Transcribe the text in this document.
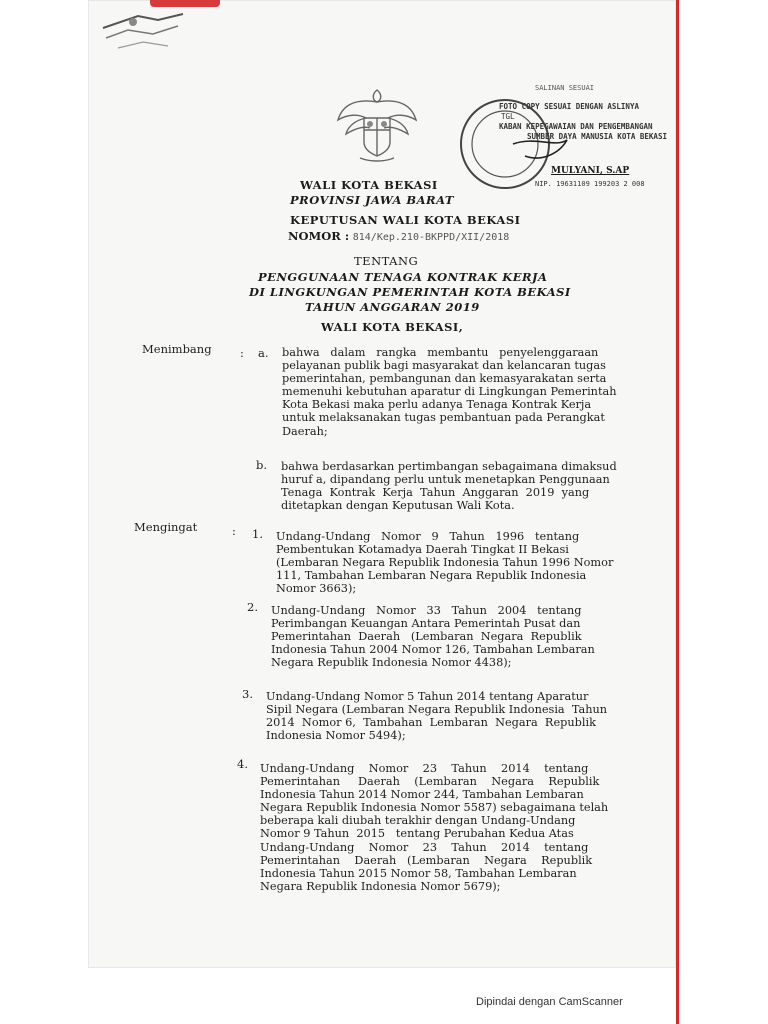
SALINAN SESUAI
FOTO COPY SESUAI DENGAN ASLINYA
TGL
KABAN KEPEGAWAIAN DAN PENGEMBANGAN
SUMBER DAYA MANUSIA KOTA BEKASI
MULYANI, S.AP
NIP. 19631109 199203 2 008
WALI KOTA BEKASI
PROVINSI JAWA BARAT
KEPUTUSAN WALI KOTA BEKASI
NOMOR : 814/Kep.210-BKPPD/XII/2018
TENTANG
PENGGUNAAN TENAGA KONTRAK KERJA
DI LINGKUNGAN PEMERINTAH KOTA BEKASI
TAHUN ANGGARAN 2019
WALI KOTA BEKASI,
Menimbang : a. bahwa   dalam   rangka   membantu   penyelenggaraan
pelayanan publik bagi masyarakat dan kelancaran tugas
pemerintahan, pembangunan dan kemasyarakatan serta
memenuhi kebutuhan aparatur di Lingkungan Pemerintah
Kota Bekasi maka perlu adanya Tenaga Kontrak Kerja
untuk melaksanakan tugas pembantuan pada Perangkat
Daerah;
b. bahwa berdasarkan pertimbangan sebagaimana dimaksud
huruf a, dipandang perlu untuk menetapkan Penggunaan
Tenaga  Kontrak  Kerja  Tahun  Anggaran  2019  yang
ditetapkan dengan Keputusan Wali Kota.
Mengingat	: 1. Undang-Undang   Nomor   9   Tahun   1996   tentang
Pembentukan Kotamadya Daerah Tingkat II Bekasi
(Lembaran Negara Republik Indonesia Tahun 1996 Nomor
111, Tambahan Lembaran Negara Republik Indonesia
Nomor 3663);
2. Undang-Undang   Nomor   33   Tahun   2004   tentang
Perimbangan Keuangan Antara Pemerintah Pusat dan
Pemerintahan  Daerah   (Lembaran  Negara  Republik
Indonesia Tahun 2004 Nomor 126, Tambahan Lembaran
Negara Republik Indonesia Nomor 4438);
3. Undang-Undang Nomor 5 Tahun 2014 tentang Aparatur
Sipil Negara (Lembaran Negara Republik Indonesia  Tahun
2014  Nomor 6,  Tambahan  Lembaran  Negara  Republik
Indonesia Nomor 5494);
4. Undang-Undang    Nomor    23    Tahun    2014    tentang
Pemerintahan     Daerah    (Lembaran    Negara    Republik
Indonesia Tahun 2014 Nomor 244, Tambahan Lembaran
Negara Republik Indonesia Nomor 5587) sebagaimana telah
beberapa kali diubah terakhir dengan Undang-Undang
Nomor 9 Tahun  2015   tentang Perubahan Kedua Atas
Undang-Undang    Nomor    23    Tahun    2014    tentang
Pemerintahan    Daerah   (Lembaran    Negara    Republik
Indonesia Tahun 2015 Nomor 58, Tambahan Lembaran
Negara Republik Indonesia Nomor 5679);
Dipindai dengan CamScanner
